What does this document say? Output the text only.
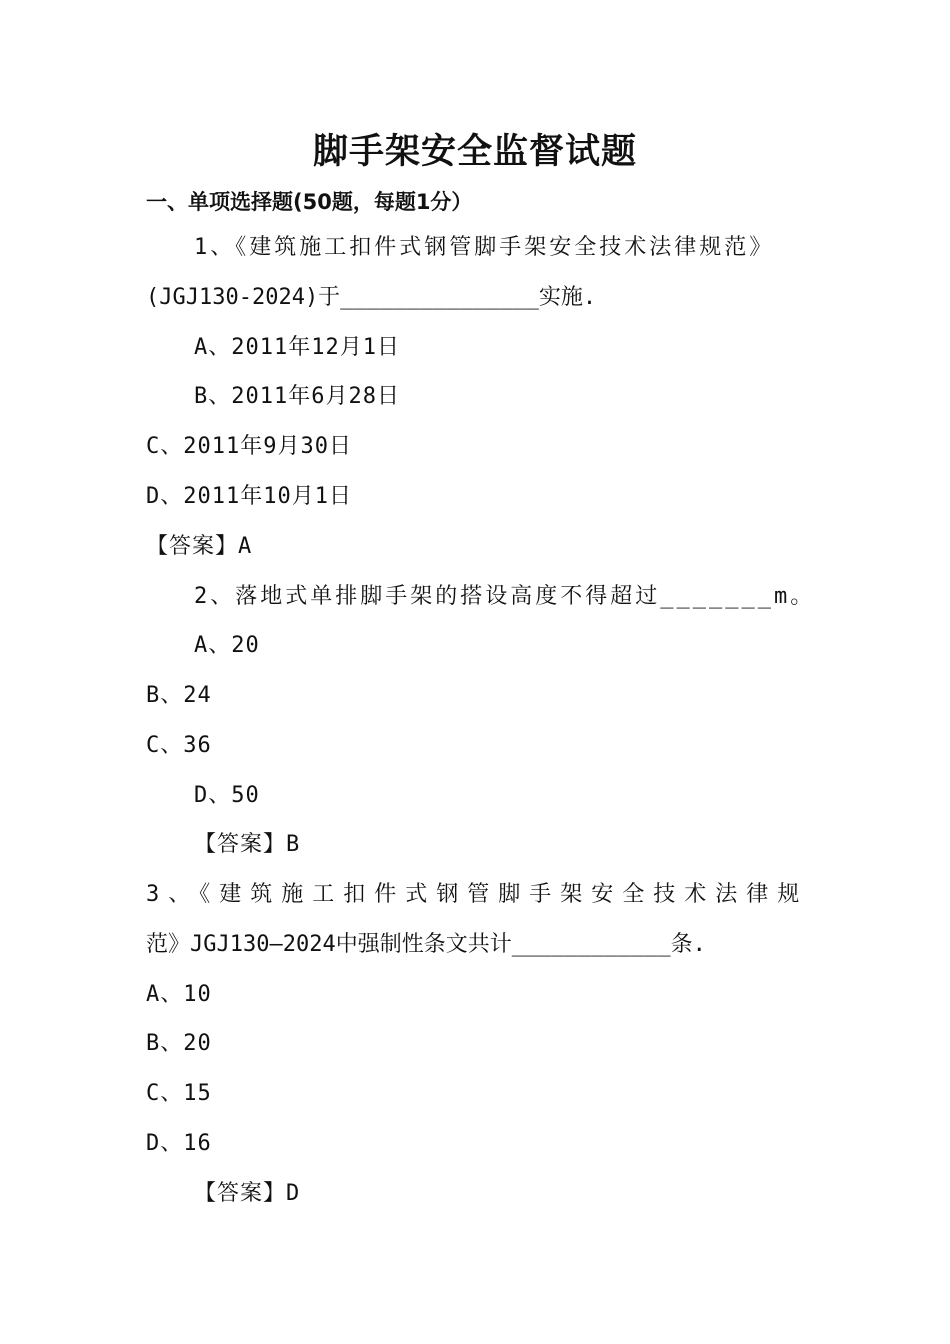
脚手架安全监督试题
一、单项选择题(50题，每题1分）

1、《建筑施工扣件式钢管脚手架安全技术法律规范》

(JGJ130-2024)于_______________实施.

A、2011年12月1日

B、2011年6月28日

C、2011年9月30日

D、2011年10月1日

【答案】A

2、落地式单排脚手架的搭设高度不得超过_______m。

A、20

B、24

C、36

D、50

【答案】B

3、《建筑施工扣件式钢管脚手架安全技术法律规

范》JGJ130—2024中强制性条文共计____________条.

A、10

B、20

C、15

D、16

【答案】D
